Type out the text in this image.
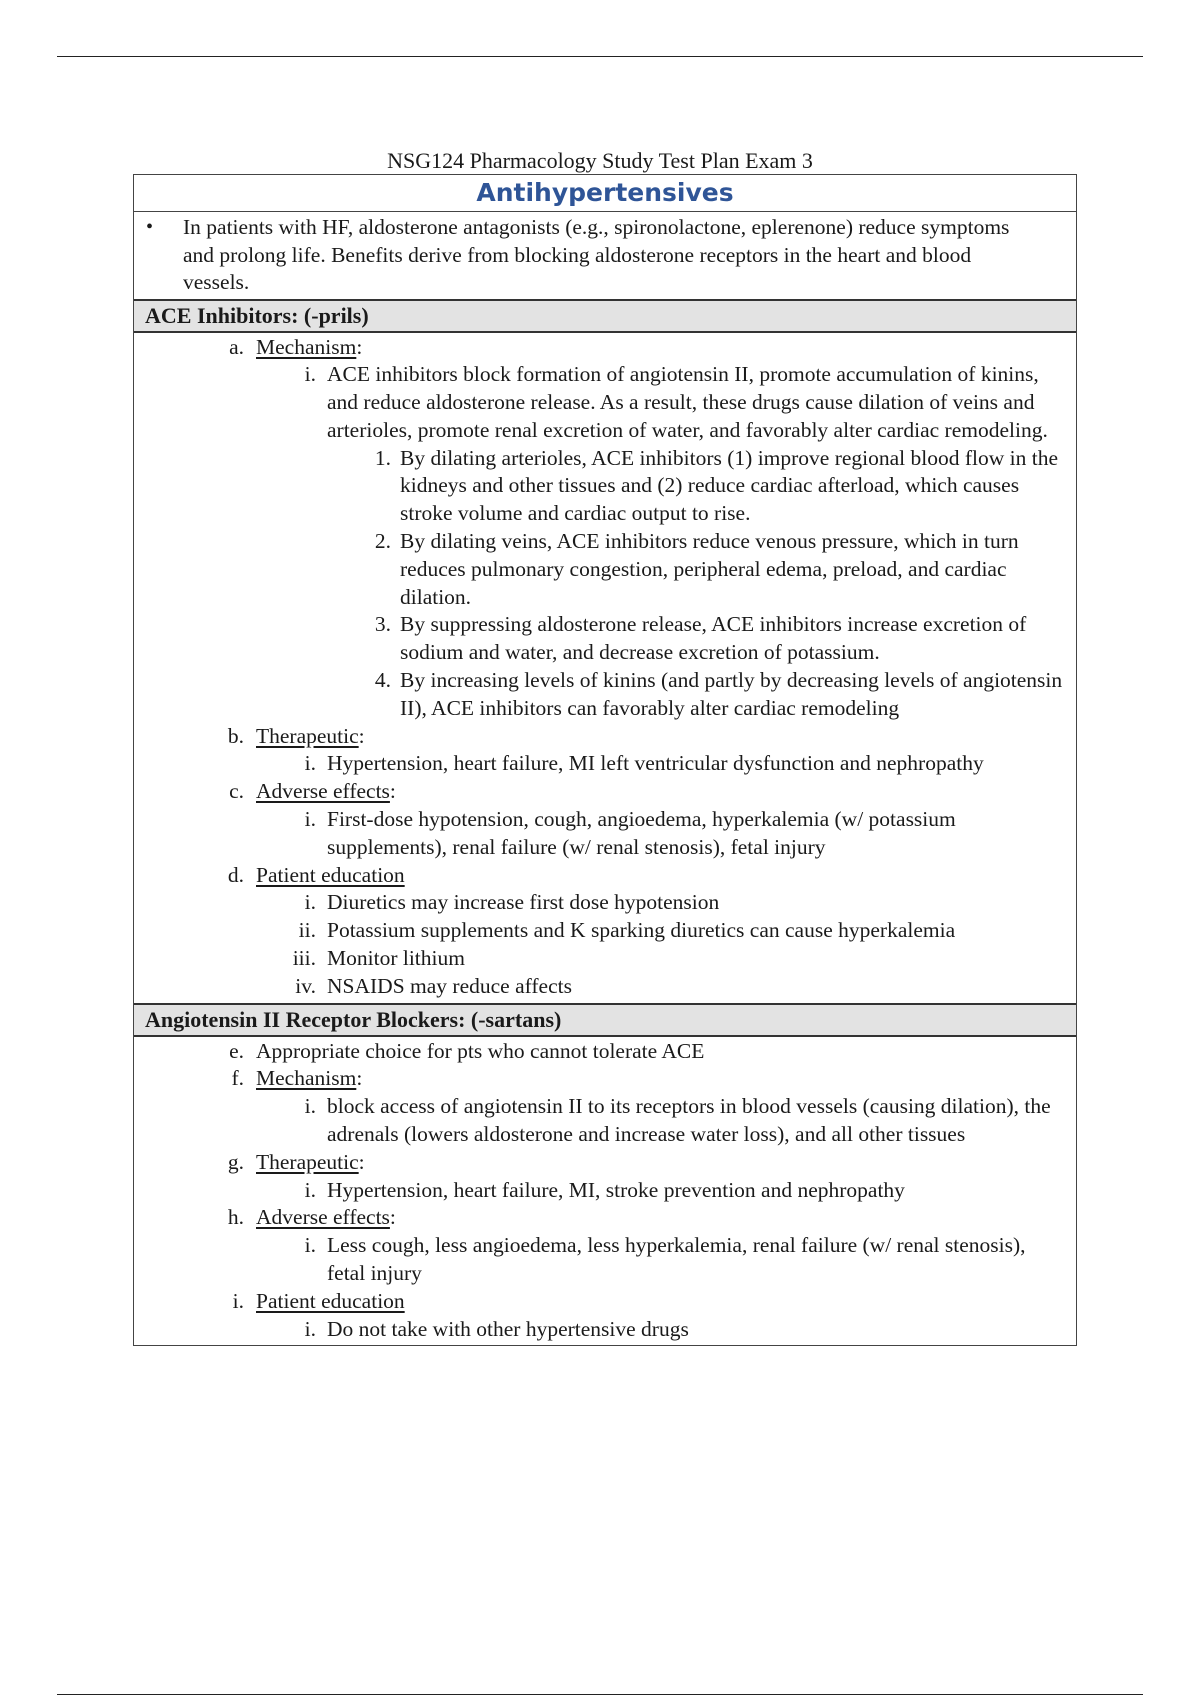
NSG124 Pharmacology Study Test Plan Exam 3
Antihypertensives
• In patients with HF, aldosterone antagonists (e.g., spironolactone, eplerenone) reduce symptoms and prolong life. Benefits derive from blocking aldosterone receptors in the heart and blood vessels.
ACE Inhibitors: (-prils)
a. Mechanism:
i. ACE inhibitors block formation of angiotensin II, promote accumulation of kinins, and reduce aldosterone release. As a result, these drugs cause dilation of veins and arterioles, promote renal excretion of water, and favorably alter cardiac remodeling.
1. By dilating arterioles, ACE inhibitors (1) improve regional blood flow in the kidneys and other tissues and (2) reduce cardiac afterload, which causes stroke volume and cardiac output to rise.
2. By dilating veins, ACE inhibitors reduce venous pressure, which in turn reduces pulmonary congestion, peripheral edema, preload, and cardiac dilation.
3. By suppressing aldosterone release, ACE inhibitors increase excretion of sodium and water, and decrease excretion of potassium.
4. By increasing levels of kinins (and partly by decreasing levels of angiotensin II), ACE inhibitors can favorably alter cardiac remodeling
b. Therapeutic:
i. Hypertension, heart failure, MI left ventricular dysfunction and nephropathy
c. Adverse effects:
i. First-dose hypotension, cough, angioedema, hyperkalemia (w/ potassium supplements), renal failure (w/ renal stenosis), fetal injury
d. Patient education
i. Diuretics may increase first dose hypotension
ii. Potassium supplements and K sparking diuretics can cause hyperkalemia
iii. Monitor lithium
iv. NSAIDS may reduce affects
Angiotensin II Receptor Blockers: (-sartans)
e. Appropriate choice for pts who cannot tolerate ACE
f. Mechanism:
i. block access of angiotensin II to its receptors in blood vessels (causing dilation), the adrenals (lowers aldosterone and increase water loss), and all other tissues
g. Therapeutic:
i. Hypertension, heart failure, MI, stroke prevention and nephropathy
h. Adverse effects:
i. Less cough, less angioedema, less hyperkalemia, renal failure (w/ renal stenosis), fetal injury
i. Patient education
i. Do not take with other hypertensive drugs
